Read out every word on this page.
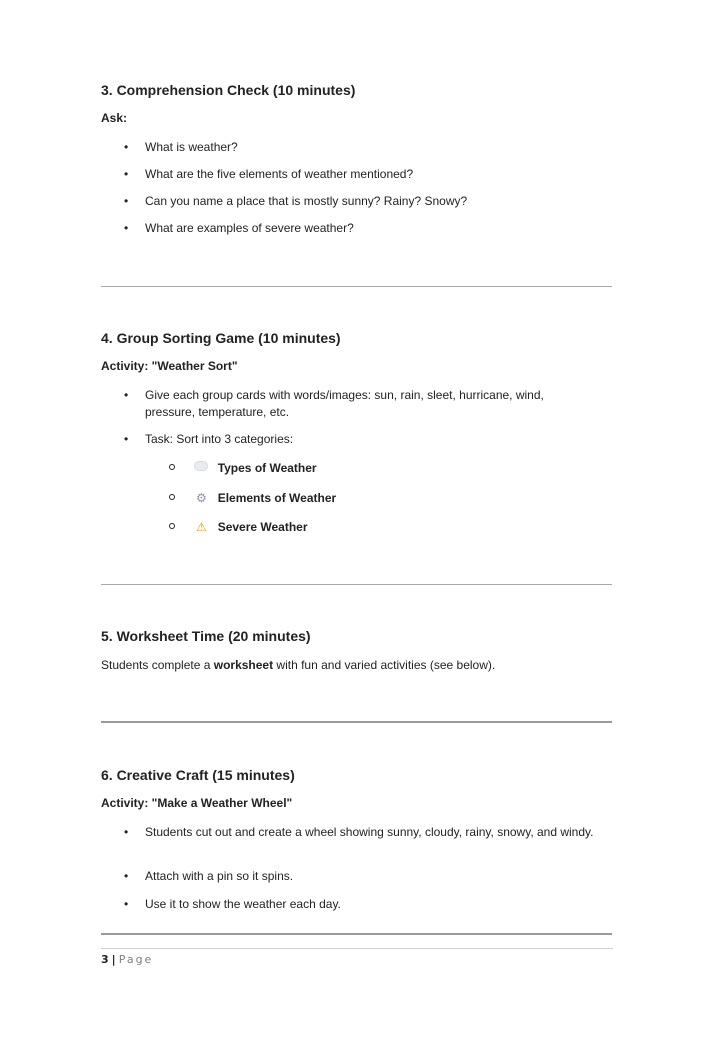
3. Comprehension Check (10 minutes)

Ask:

• What is weather?
• What are the five elements of weather mentioned?
• Can you name a place that is mostly sunny? Rainy? Snowy?
• What are examples of severe weather?
4. Group Sorting Game (10 minutes)

Activity: "Weather Sort"

• Give each group cards with words/images: sun, rain, sleet, hurricane, wind, pressure, temperature, etc.
• Task: Sort into 3 categories:
Types of Weather
⚙ Elements of Weather
⚠ Severe Weather
5. Worksheet Time (20 minutes)

Students complete a worksheet with fun and varied activities (see below).

6. Creative Craft (15 minutes)

Activity: "Make a Weather Wheel"

• Students cut out and create a wheel showing sunny, cloudy, rainy, snowy, and windy.
• Attach with a pin so it spins.
• Use it to show the weather each day.
3 | Page
